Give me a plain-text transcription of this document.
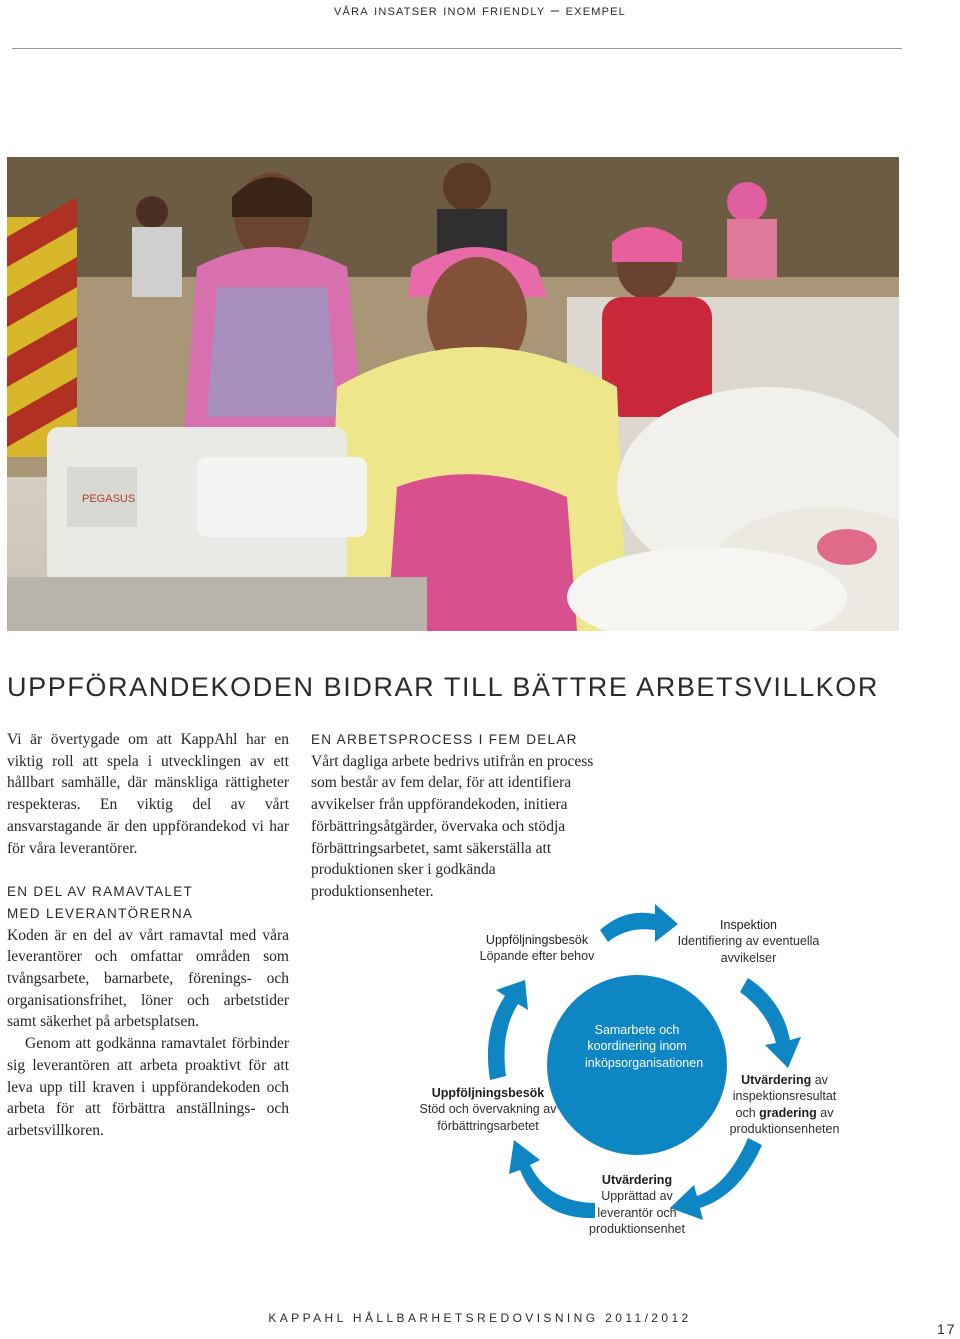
våra insatser inom friendly – exempel
PEGASUS
UPPFÖRANDEKODEN BIDRAR TILL BÄTTRE ARBETSVILLKOR

Vi är övertygade om att KappAhl har en viktig roll att spela i utvecklingen av ett hållbart samhälle, där mänskliga rättigheter respekteras. En viktig del av vårt ansvarstagande är den uppförandekod vi har för våra leverantörer.

EN DEL AV RAMAVTALET
MED LEVERANTÖRERNA

Koden är en del av vårt ramavtal med våra leverantörer och omfattar områden som tvångsarbete, barnarbete, förenings- och organisationsfrihet, löner och arbetstider samt säkerhet på arbetsplatsen.

Genom att godkänna ramavtalet förbinder sig leverantören att arbeta proaktivt för att leva upp till kraven i uppförandekoden och arbeta för att förbättra anställnings- och arbetsvillkoren.

EN ARBETSPROCESS I FEM DELAR

Vårt dagliga arbete bedrivs utifrån en process som består av fem delar, för att identifiera avvikelser från uppförandekoden, initiera förbättringsåtgärder, övervaka och stödja förbättringsarbetet, samt säkerställa att produktionen sker i godkända produktionsenheter.

Samarbete och koordinering inom inköpsorganisationen
Uppföljningsbesök
Löpande efter behov
Inspektion
Identifiering av eventuella avvikelser
Utvärdering av inspektionsresultat och gradering av produktionsenheten
Utvärdering
Upprättad av leverantör och produktionsenhet
Uppföljningsbesök
Stöd och övervakning av förbättringsarbetet
KAPPAHL HÅLLBARHETSREDOVISNING 2011/2012
17
